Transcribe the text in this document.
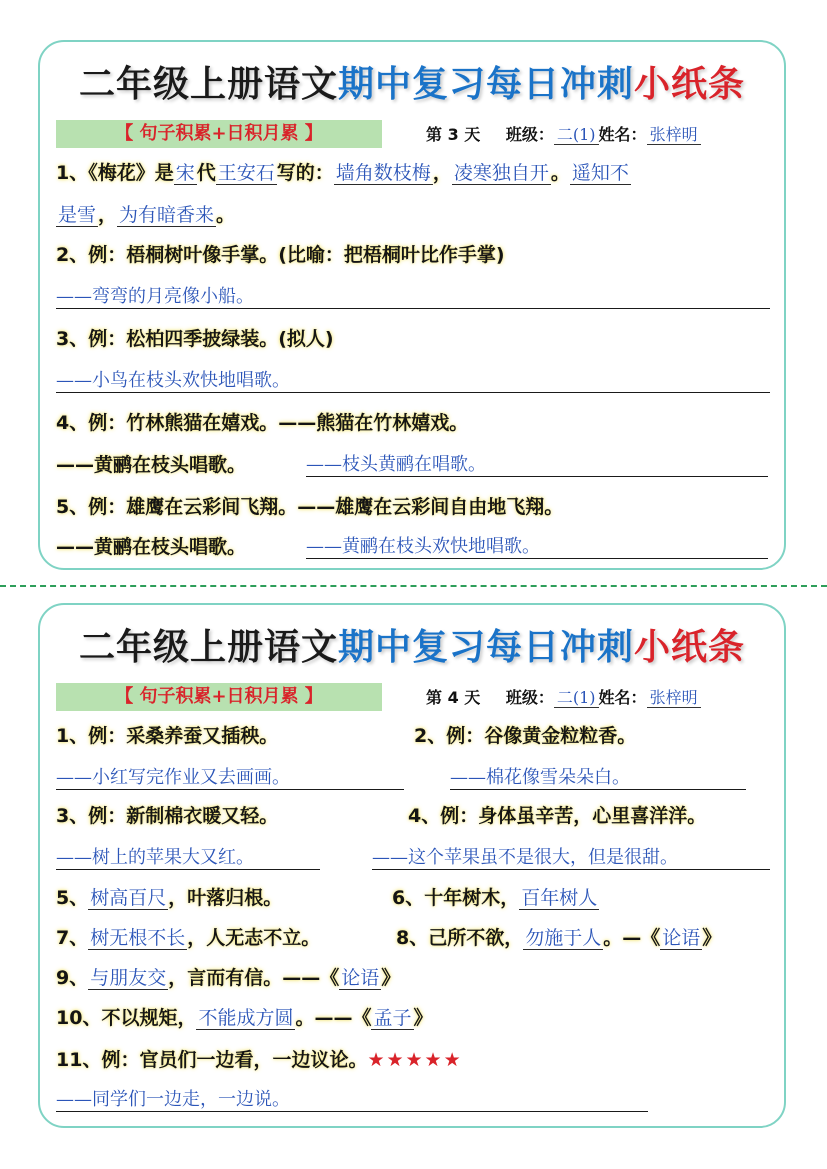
二年级上册语文期中复习每日冲刺小纸条
【 句子积累+日积月累 】	第 3 天 班级： 二(1) 姓名： 张梓明
1、《梅花》是 宋 代 王安石 写的： 墙角数枝梅 ， 凌寒独自开 。 遥知不
是雪 ， 为有暗香来 。
2、例：梧桐树叶像手掌。(比喻：把梧桐叶比作手掌)
——弯弯的月亮像小船。
3、例：松柏四季披绿装。(拟人)
——小鸟在枝头欢快地唱歌。
4、例：竹林熊猫在嬉戏。——熊猫在竹林嬉戏。
——黄鹂在枝头唱歌。	——枝头黄鹂在唱歌。
5、例：雄鹰在云彩间飞翔。——雄鹰在云彩间自由地飞翔。
——黄鹂在枝头唱歌。	——黄鹂在枝头欢快地唱歌。
二年级上册语文期中复习每日冲刺小纸条
【 句子积累+日积月累 】	第 4 天 班级： 二(1) 姓名： 张梓明
1、例：采桑养蚕又插秧。	2、例：谷像黄金粒粒香。
——小红写完作业又去画画。	——棉花像雪朵朵白。
3、例：新制棉衣暖又轻。	4、例：身体虽辛苦，心里喜洋洋。
——树上的苹果大又红。	——这个苹果虽不是很大，但是很甜。
5、 树高百尺 ，叶落归根。	6、十年树木， 百年树人
7、 树无根不长 ，人无志不立。	8、己所不欲， 勿施于人 。—《 论语 》
9、 与朋友交 ，言而有信。——《 论语 》
10、不以规矩， 不能成方圆 。——《 孟子 》
11、例：官员们一边看，一边议论。★★★★★
——同学们一边走，一边说。
